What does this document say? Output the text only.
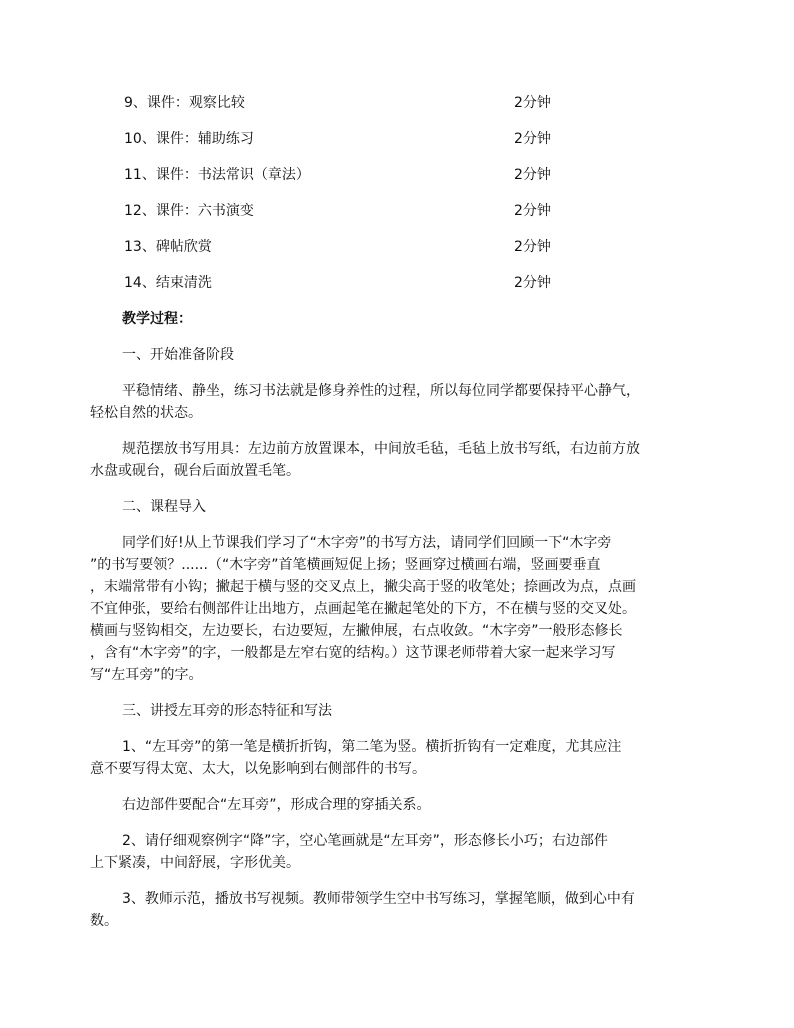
9、课件：观察比较	2分钟
10、课件：辅助练习	2分钟
11、课件：书法常识（章法）	2分钟
12、课件：六书演变	2分钟
13、碑帖欣赏	2分钟
14、结束清洗	2分钟

教学过程：

一、开始准备阶段

平稳情绪、静坐，练习书法就是修身养性的过程，所以每位同学都要保持平心静气，

轻松自然的状态。

规范摆放书写用具：左边前方放置课本，中间放毛毡，毛毡上放书写纸，右边前方放

水盘或砚台，砚台后面放置毛笔。

二、课程导入

同学们好!从上节课我们学习了“木字旁”的书写方法，请同学们回顾一下“木字旁

”的书写要领？......（“木字旁”首笔横画短促上扬；竖画穿过横画右端，竖画要垂直

，末端常带有小钩；撇起于横与竖的交叉点上，撇尖高于竖的收笔处；捺画改为点，点画

不宜伸张，要给右侧部件让出地方，点画起笔在撇起笔处的下方，不在横与竖的交叉处。

横画与竖钩相交，左边要长，右边要短，左撇伸展，右点收敛。“木字旁”一般形态修长

，含有“木字旁”的字，一般都是左窄右宽的结构。）这节课老师带着大家一起来学习写

写“左耳旁”的字。

三、讲授左耳旁的形态特征和写法

1、“左耳旁”的第一笔是横折折钩，第二笔为竖。横折折钩有一定难度，尤其应注

意不要写得太宽、太大，以免影响到右侧部件的书写。

右边部件要配合“左耳旁”，形成合理的穿插关系。

2、请仔细观察例字“降”字，空心笔画就是“左耳旁”，形态修长小巧；右边部件

上下紧凑，中间舒展，字形优美。

3、教师示范，播放书写视频。教师带领学生空中书写练习，掌握笔顺，做到心中有

数。
